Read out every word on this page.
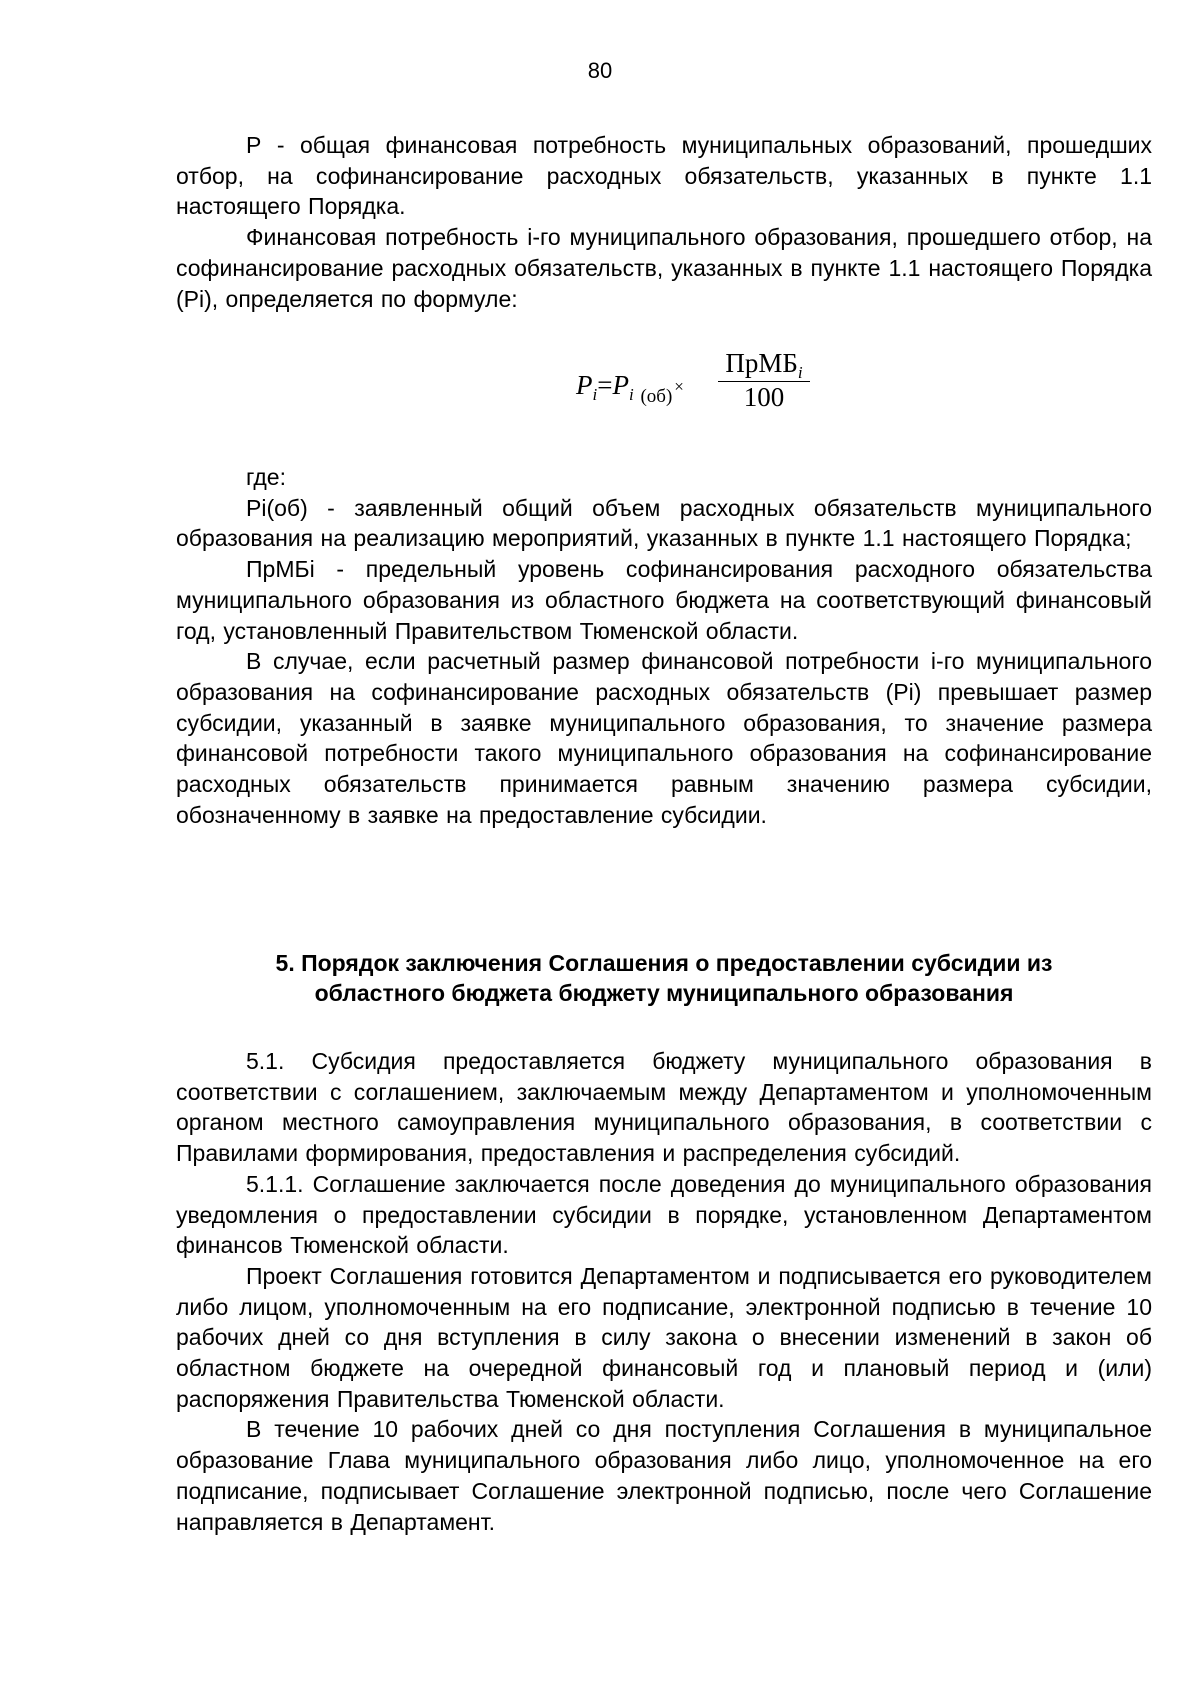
80

Р - общая финансовая потребность муниципальных образований, прошедших отбор, на софинансирование расходных обязательств, указанных в пункте 1.1 настоящего Порядка.

Финансовая потребность i-го муниципального образования, прошедшего отбор, на софинансирование расходных обязательств, указанных в пункте 1.1 настоящего Порядка (Pi), определяется по формуле:

$P_i=P_i$ $_{(об)}$ ×
ПрМБ$_i$
100

где:

Pi(об) - заявленный общий объем расходных обязательств муниципального образования на реализацию мероприятий, указанных в пункте 1.1 настоящего Порядка;

ПрМБi - предельный уровень софинансирования расходного обязательства муниципального образования из областного бюджета на соответствующий финансовый год, установленный Правительством Тюменской области.

В случае, если расчетный размер финансовой потребности i-го муниципального образования на софинансирование расходных обязательств (Pi) превышает размер субсидии, указанный в заявке муниципального образования, то значение размера финансовой потребности такого муниципального образования на софинансирование расходных обязательств принимается равным значению размера субсидии, обозначенному в заявке на предоставление субсидии.

5. Порядок заключения Соглашения о предоставлении субсидии из
областного бюджета бюджету муниципального образования

5.1. Субсидия предоставляется бюджету муниципального образования в соответствии с соглашением, заключаемым между Департаментом и уполномоченным органом местного самоуправления муниципального образования, в соответствии с Правилами формирования, предоставления и распределения субсидий.

5.1.1. Соглашение заключается после доведения до муниципального образования уведомления о предоставлении субсидии в порядке, установленном Департаментом финансов Тюменской области.

Проект Соглашения готовится Департаментом и подписывается его руководителем либо лицом, уполномоченным на его подписание, электронной подписью в течение 10 рабочих дней со дня вступления в силу закона о внесении изменений в закон об областном бюджете на очередной финансовый год и плановый период и (или) распоряжения Правительства Тюменской области.

В течение 10 рабочих дней со дня поступления Соглашения в муниципальное образование Глава муниципального образования либо лицо, уполномоченное на его подписание, подписывает Соглашение электронной подписью, после чего Соглашение направляется в Департамент.
